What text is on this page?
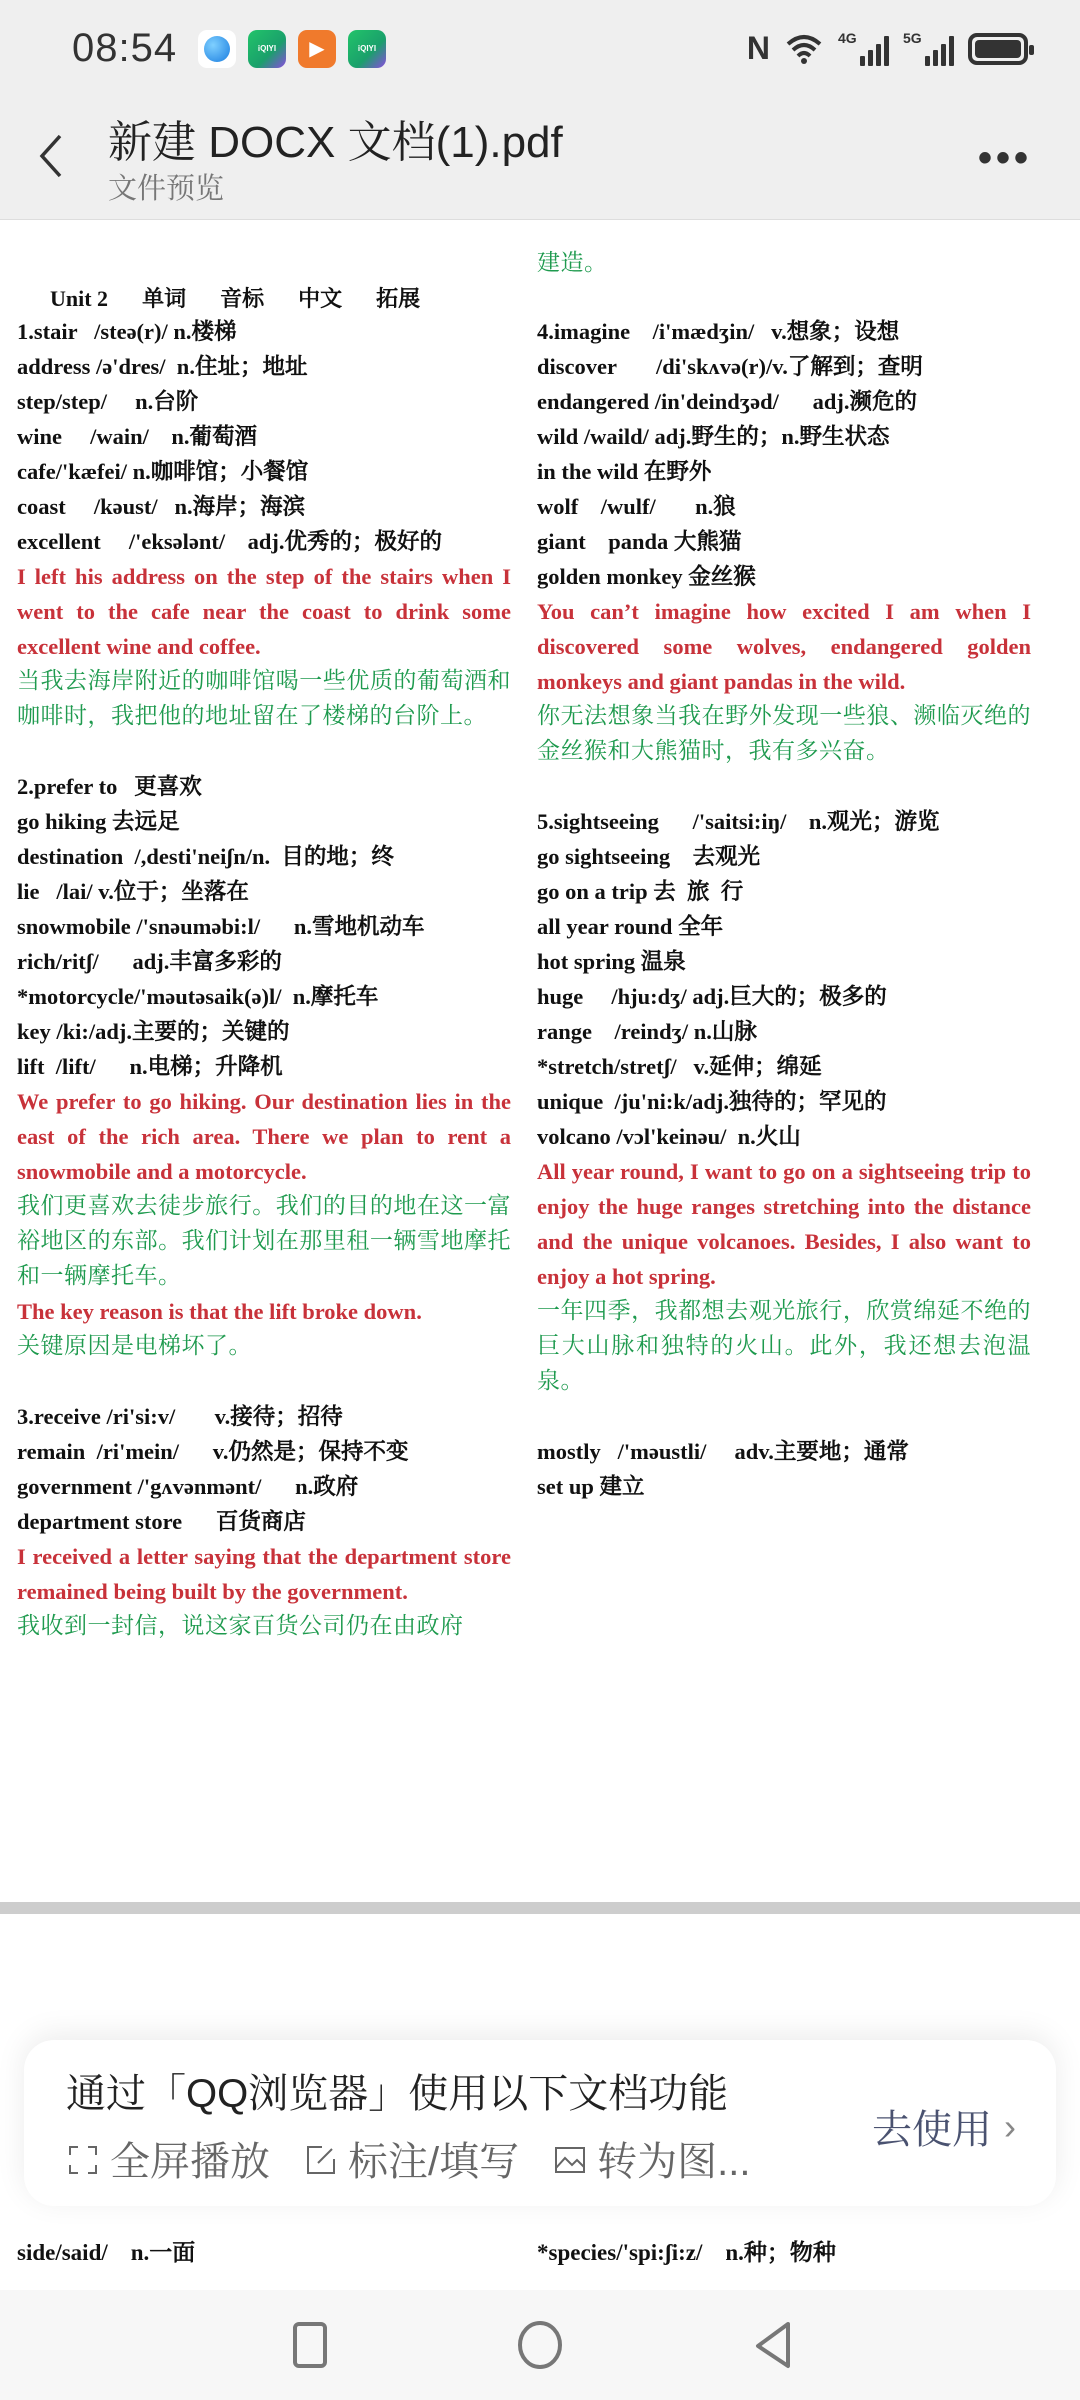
08:54	iQIYI	▶	iQIYI	N	4G	5G
新建 DOCX 文档(1).pdf
文件预览
•••

Unit 2 单词 音标 中文 拓展

1.stair   /steə(r)/ n.楼梯
address /ə'dres/  n.住址；地址
step/step/     n.台阶
wine     /wain/    n.葡萄酒
cafe/'kæfei/ n.咖啡馆；小餐馆
coast     /kəust/   n.海岸；海滨
excellent     /'eksələnt/    adj.优秀的；极好的
I left his address on the step of the stairs when I went to the cafe near the coast to drink some excellent wine and coffee.
当我去海岸附近的咖啡馆喝一些优质的葡萄酒和咖啡时，我把他的地址留在了楼梯的台阶上。
2.prefer to   更喜欢
go hiking 去远足
destination  /,desti'neiʃn/n.  目的地；终
lie   /lai/ v.位于；坐落在
snowmobile /'snəuməbi:l/      n.雪地机动车
rich/ritʃ/      adj.丰富多彩的
*motorcycle/'məutəsaik(ə)l/  n.摩托车
key /ki:/adj.主要的；关键的
lift  /lift/      n.电梯；升降机
We prefer to go hiking. Our destination lies in the east of the rich area. There we plan to rent a snowmobile and a motorcycle.
我们更喜欢去徒步旅行。我们的目的地在这一富裕地区的东部。我们计划在那里租一辆雪地摩托和一辆摩托车。
The key reason is that the lift broke down.
关键原因是电梯坏了。
3.receive /ri'si:v/       v.接待；招待
remain  /ri'mein/      v.仍然是；保持不变
government /'gʌvənmənt/      n.政府
department store      百货商店
I received a letter saying that the department store remained being built by the government.
我收到一封信，说这家百货公司仍在由政府
建造。
4.imagine    /i'mædʒin/   v.想象；设想
discover       /di'skʌvə(r)/v.了解到；查明
endangered /in'deindʒəd/      adj.濒危的
wild /waild/ adj.野生的；n.野生状态
in the wild 在野外
wolf    /wulf/       n.狼
giant    panda 大熊猫
golden monkey 金丝猴
You can’t imagine how excited I am when I discovered some wolves, endangered golden monkeys and giant pandas in the wild.
你无法想象当我在野外发现一些狼、濒临灭绝的金丝猴和大熊猫时，我有多兴奋。
5.sightseeing      /'saitsi:iŋ/    n.观光；游览
go sightseeing    去观光
go on a trip 去  旅  行
all year round 全年
hot spring 温泉
huge     /hju:dʒ/ adj.巨大的；极多的
range    /reindʒ/ n.山脉
*stretch/stretʃ/   v.延伸；绵延
unique  /ju'ni:k/adj.独待的；罕见的
volcano /vɔl'keinəu/  n.火山
All year round, I want to go on a sightseeing trip to enjoy the huge ranges stretching into the distance and the unique volcanoes. Besides, I also want to enjoy a hot spring.
一年四季，我都想去观光旅行，欣赏绵延不绝的巨大山脉和独特的火山。此外，我还想去泡温泉。
mostly   /'məustli/     adv.主要地；通常
set up 建立
side/said/    n.一面	*species/'spi:ʃi:z/    n.种；物种
通过「QQ浏览器」使用以下文档功能
全屏播放 标注/填写 转为图...
去使用 ›
